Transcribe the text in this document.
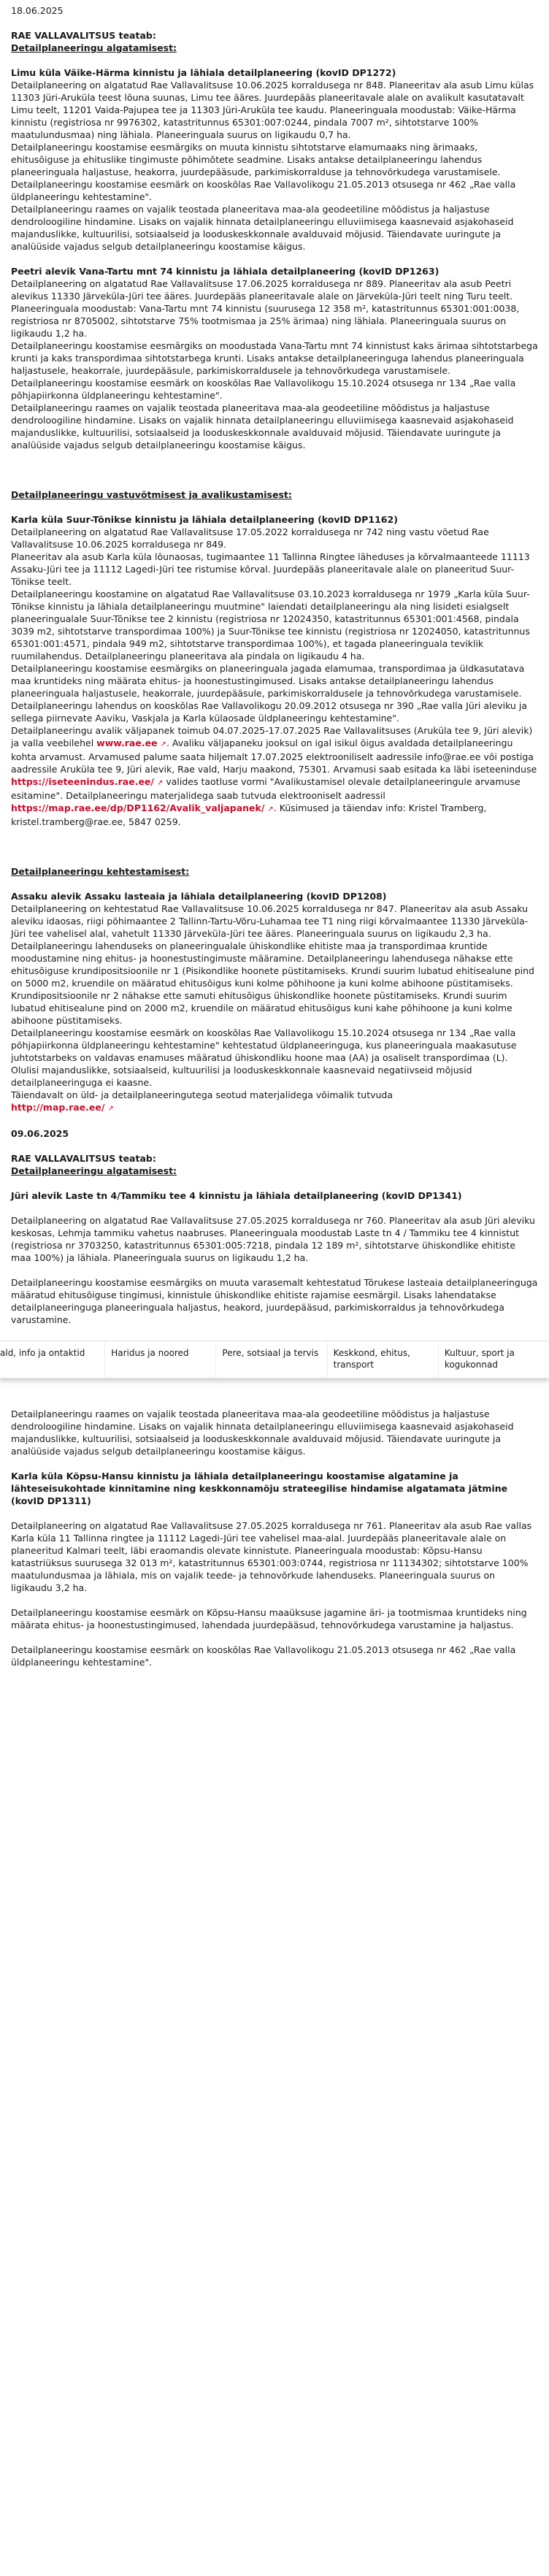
18.06.2025

RAE VALLAVALITSUS teatab:

Detailplaneeringu algatamisest:

Limu küla Väike-Härma kinnistu ja lähiala detailplaneering (kovID DP1272)

Detailplaneering on algatatud Rae Vallavalitsuse 10.06.2025 korraldusega nr 848. Planeeritav ala asub Limu külas 11303 Jüri-Aruküla teest lõuna suunas, Limu tee ääres. Juurdepääs planeeritavale alale on avalikult kasutatavalt Limu teelt, 11201 Vaida-Pajupea tee ja 11303 Jüri-Aruküla tee kaudu. Planeeringuala moodustab: Väike-Härma kinnistu (registriosa nr 9976302, katastritunnus 65301:007:0244, pindala 7007 m², sihtotstarve 100% maatulundusmaa) ning lähiala. Planeeringuala suurus on ligikaudu 0,7 ha.

Detailplaneeringu koostamise eesmärgiks on muuta kinnistu sihtotstarve elamumaaks ning ärimaaks, ehitusõiguse ja ehituslike tingimuste põhimõtete seadmine. Lisaks antakse detailplaneeringu lahendus planeeringuala haljastuse, heakorra, juurdepääsude, parkimiskorralduse ja tehnovõrkudega varustamisele.

Detailplaneeringu koostamise eesmärk on kooskõlas Rae Vallavolikogu 21.05.2013 otsusega nr 462 „Rae valla üldplaneeringu kehtestamine".

Detailplaneeringu raames on vajalik teostada planeeritava maa-ala geodeetiline mõõdistus ja haljastuse dendroloogiline hindamine. Lisaks on vajalik hinnata detailplaneeringu elluviimisega kaasnevaid asjakohaseid majanduslikke, kultuurilisi, sotsiaalseid ja looduskeskkonnale avalduvaid mõjusid. Täiendavate uuringute ja analüüside vajadus selgub detailplaneeringu koostamise käigus.

Peetri alevik Vana-Tartu mnt 74 kinnistu ja lähiala detailplaneering (kovID DP1263)

Detailplaneering on algatatud Rae Vallavalitsuse 17.06.2025 korraldusega nr 889. Planeeritav ala asub Peetri alevikus 11330 Järveküla-Jüri tee ääres. Juurdepääs planeeritavale alale on Järveküla-Jüri teelt ning Turu teelt. Planeeringuala moodustab: Vana-Tartu mnt 74 kinnistu (suurusega 12 358 m², katastritunnus 65301:001:0038, registriosa nr 8705002, sihtotstarve 75% tootmismaa ja 25% ärimaa) ning lähiala. Planeeringuala suurus on ligikaudu 1,2 ha.

Detailplaneeringu koostamise eesmärgiks on moodustada Vana-Tartu mnt 74 kinnistust kaks ärimaa sihtotstarbega krunti ja kaks transpordimaa sihtotstarbega krunti. Lisaks antakse detailplaneeringuga lahendus planeeringuala haljastusele, heakorrale, juurdepääsule, parkimiskorraldusele ja tehnovõrkudega varustamisele.

Detailplaneeringu koostamise eesmärk on kooskõlas Rae Vallavolikogu 15.10.2024 otsusega nr 134 „Rae valla põhjapiirkonna üldplaneeringu kehtestamine".

Detailplaneeringu raames on vajalik teostada planeeritava maa-ala geodeetiline mõõdistus ja haljastuse dendroloogiline hindamine. Lisaks on vajalik hinnata detailplaneeringu elluviimisega kaasnevaid asjakohaseid majanduslikke, kultuurilisi, sotsiaalseid ja looduskeskkonnale avalduvaid mõjusid. Täiendavate uuringute ja analüüside vajadus selgub detailplaneeringu koostamise käigus.

Detailplaneeringu vastuvõtmisest ja avalikustamisest:

Karla küla Suur-Tõnikse kinnistu ja lähiala detailplaneering (kovID DP1162)

Detailplaneering on algatatud Rae Vallavalitsuse 17.05.2022 korraldusega nr 742 ning vastu võetud Rae Vallavalitsuse 10.06.2025 korraldusega nr 849.

Planeeritav ala asub Karla küla lõunaosas, tugimaantee 11 Tallinna Ringtee läheduses ja kõrvalmaanteede 11113 Assaku-Jüri tee ja 11112 Lagedi-Jüri tee ristumise kõrval. Juurdepääs planeeritavale alale on planeeritud Suur-Tõnikse teelt.

Detailplaneeringu koostamine on algatatud Rae Vallavalitsuse 03.10.2023 korraldusega nr 1979 „Karla küla Suur-Tõnikse kinnistu ja lähiala detailplaneeringu muutmine" laiendati detailplaneeringu ala ning lisideti esialgselt planeeringualale Suur-Tõnikse tee 2 kinnistu (registriosa nr 12024350, katastritunnus 65301:001:4568, pindala 3039 m2, sihtotstarve transpordimaa 100%) ja Suur-Tõnikse tee kinnistu (registriosa nr 12024050, katastritunnus 65301:001:4571, pindala 949 m2, sihtotstarve transpordimaa 100%), et tagada planeeringuala teviklik ruumilahendus. Detailplaneeringu planeeritava ala pindala on ligikaudu 4 ha.

Detailplaneeringu koostamise eesmärgiks on planeeringuala jagada elamumaa, transpordimaa ja üldkasutatava maa kruntideks ning määrata ehitus- ja hoonestustingimused. Lisaks antakse detailplaneeringu lahendus planeeringuala haljastusele, heakorrale, juurdepääsule, parkimiskorraldusele ja tehnovõrkudega varustamisele.

Detailplaneeringu lahendus on kooskõlas Rae Vallavolikogu 20.09.2012 otsusega nr 390 „Rae valla Jüri aleviku ja sellega piirnevate Aaviku, Vaskjala ja Karla külaosade üldplaneeringu kehtestamine".

Detailplaneeringu avalik väljapanek toimub 04.07.2025-17.07.2025 Rae Vallavalitsuses (Aruküla tee 9, Jüri alevik) ja valla veebilehel www.rae.ee ↗. Avaliku väljapaneku jooksul on igal isikul õigus avaldada detailplaneeringu kohta arvamust. Arvamused palume saata hiljemalt 17.07.2025 elektrooniliselt aadressile info@rae.ee või postiga aadressile Aruküla tee 9, Jüri alevik, Rae vald, Harju maakond, 75301. Arvamusi saab esitada ka läbi iseteeninduse https://iseteenindus.rae.ee/ ↗ valides taotluse vormi "Avalikustamisel olevale detailplaneeringule arvamuse esitamine". Detailplaneeringu materjalidega saab tutvuda elektrooniselt aadressil https://map.rae.ee/dp/DP1162/Avalik_valjapanek/ ↗. Küsimused ja täiendav info: Kristel Tramberg, kristel.tramberg@rae.ee, 5847 0259.

Detailplaneeringu kehtestamisest:

Assaku alevik Assaku lasteaia ja lähiala detailplaneering (kovID DP1208)

Detailplaneering on kehtestatud Rae Vallavalitsuse 10.06.2025 korraldusega nr 847. Planeeritav ala asub Assaku aleviku idaosas, riigi põhimaantee 2 Tallinn-Tartu-Võru-Luhamaa tee T1 ning riigi kõrvalmaantee 11330 Järveküla-Jüri tee vahelisel alal, vahetult 11330 Järveküla-Jüri tee ääres. Planeeringuala suurus on ligikaudu 2,3 ha.

Detailplaneeringu lahenduseks on planeeringualale ühiskondlike ehitiste maa ja transpordimaa kruntide moodustamine ning ehitus- ja hoonestustingimuste määramine. Detailplaneeringu lahendusega nähakse ette ehitusõiguse krundipositsioonile nr 1 (Pisikondlike hoonete püstitamiseks. Krundi suurim lubatud ehitisealune pind on 5000 m2, kruendile on määratud ehitusõigus kuni kolme põhihoone ja kuni kolme abihoone püstitamiseks. Krundipositsioonile nr 2 nähakse ette samuti ehitusõigus ühiskondlike hoonete püstitamiseks. Krundi suurim lubatud ehitisealune pind on 2000 m2, kruendile on määratud ehitusõigus kuni kahe põhihoone ja kuni kolme abihoone püstitamiseks.

Detailplaneeringu koostamise eesmärk on kooskõlas Rae Vallavolikogu 15.10.2024 otsusega nr 134 „Rae valla põhjapiirkonna üldplaneeringu kehtestamine" kehtestatud üldplaneeringuga, kus planeeringuala maakasutuse juhtotstarbeks on valdavas enamuses määratud ühiskondliku hoone maa (AA) ja osaliselt transpordimaa (L).

Olulisi majanduslikke, sotsiaalseid, kultuurilisi ja looduskeskkonnale kaasnevaid negatiivseid mõjusid detailplaneeringuga ei kaasne.

Täiendavalt on üld- ja detailplaneeringutega seotud materjalidega võimalik tutvuda
http://map.rae.ee/ ↗

09.06.2025

RAE VALLAVALITSUS teatab:

Detailplaneeringu algatamisest:

Jüri alevik Laste tn 4/Tammiku tee 4 kinnistu ja lähiala detailplaneering (kovID DP1341)

Detailplaneering on algatatud Rae Vallavalitsuse 27.05.2025 korraldusega nr 760. Planeeritav ala asub Jüri aleviku keskosas, Lehmja tammiku vahetus naabruses. Planeeringuala moodustab Laste tn 4 / Tammiku tee 4 kinnistut (registriosa nr 3703250, katastritunnus 65301:005:7218, pindala 12 189 m², sihtotstarve ühiskondlike ehitiste maa 100%) ja lähiala. Planeeringuala suurus on ligikaudu 1,2 ha.

Detailplaneeringu koostamise eesmärgiks on muuta varasemalt kehtestatud Tõrukese lasteaia detailplaneeringuga määratud ehitusõiguse tingimusi, kinnistule ühiskondlike ehitiste rajamise eesmärgil. Lisaks lahendatakse detailplaneeringuga planeeringuala haljastus, heakord, juurdepääsud, parkimiskorraldus ja tehnovõrkudega varustamine.

ald, info ja ontaktid	Haridus ja noored	Pere, sotsiaal ja tervis	Keskkond, ehitus, transport
Kultuur, sport ja kogukonnad

Detailplaneeringu raames on vajalik teostada planeeritava maa-ala geodeetiline mõõdistus ja haljastuse dendroloogiline hindamine. Lisaks on vajalik hinnata detailplaneeringu elluviimisega kaasnevaid asjakohaseid majanduslikke, kultuurilisi, sotsiaalseid ja looduskeskkonnale avalduvaid mõjusid. Täiendavate uuringute ja analüüside vajadus selgub detailplaneeringu koostamise käigus.

Karla küla Kõpsu-Hansu kinnistu ja lähiala detailplaneeringu koostamise algatamine ja lähteseisukohtade kinnitamine ning keskkonnamõju strateegilise hindamise algatamata jätmine (kovID DP1311)

Detailplaneering on algatatud Rae Vallavalitsuse 27.05.2025 korraldusega nr 761. Planeeritav ala asub Rae vallas Karla küla 11 Tallinna ringtee ja 11112 Lagedi-Jüri tee vahelisel maa-alal. Juurdepääs planeeritavale alale on planeeritud Kalmari teelt, läbi eraomandis olevate kinnistute. Planeeringuala moodustab: Kõpsu-Hansu katastriüksus suurusega 32 013 m², katastritunnus 65301:003:0744, registriosa nr 11134302; sihtotstarve 100% maatulundusmaa ja lähiala, mis on vajalik teede- ja tehnovõrkude lahenduseks. Planeeringuala suurus on ligikaudu 3,2 ha.

Detailplaneeringu koostamise eesmärk on Kõpsu-Hansu maaüksuse jagamine äri- ja tootmismaa kruntideks ning määrata ehitus- ja hoonestustingimused, lahendada juurdepääsud, tehnovõrkudega varustamine ja haljastus.

Detailplaneeringu koostamise eesmärk on kooskõlas Rae Vallavolikogu 21.05.2013 otsusega nr 462 „Rae valla üldplaneeringu kehtestamine".
